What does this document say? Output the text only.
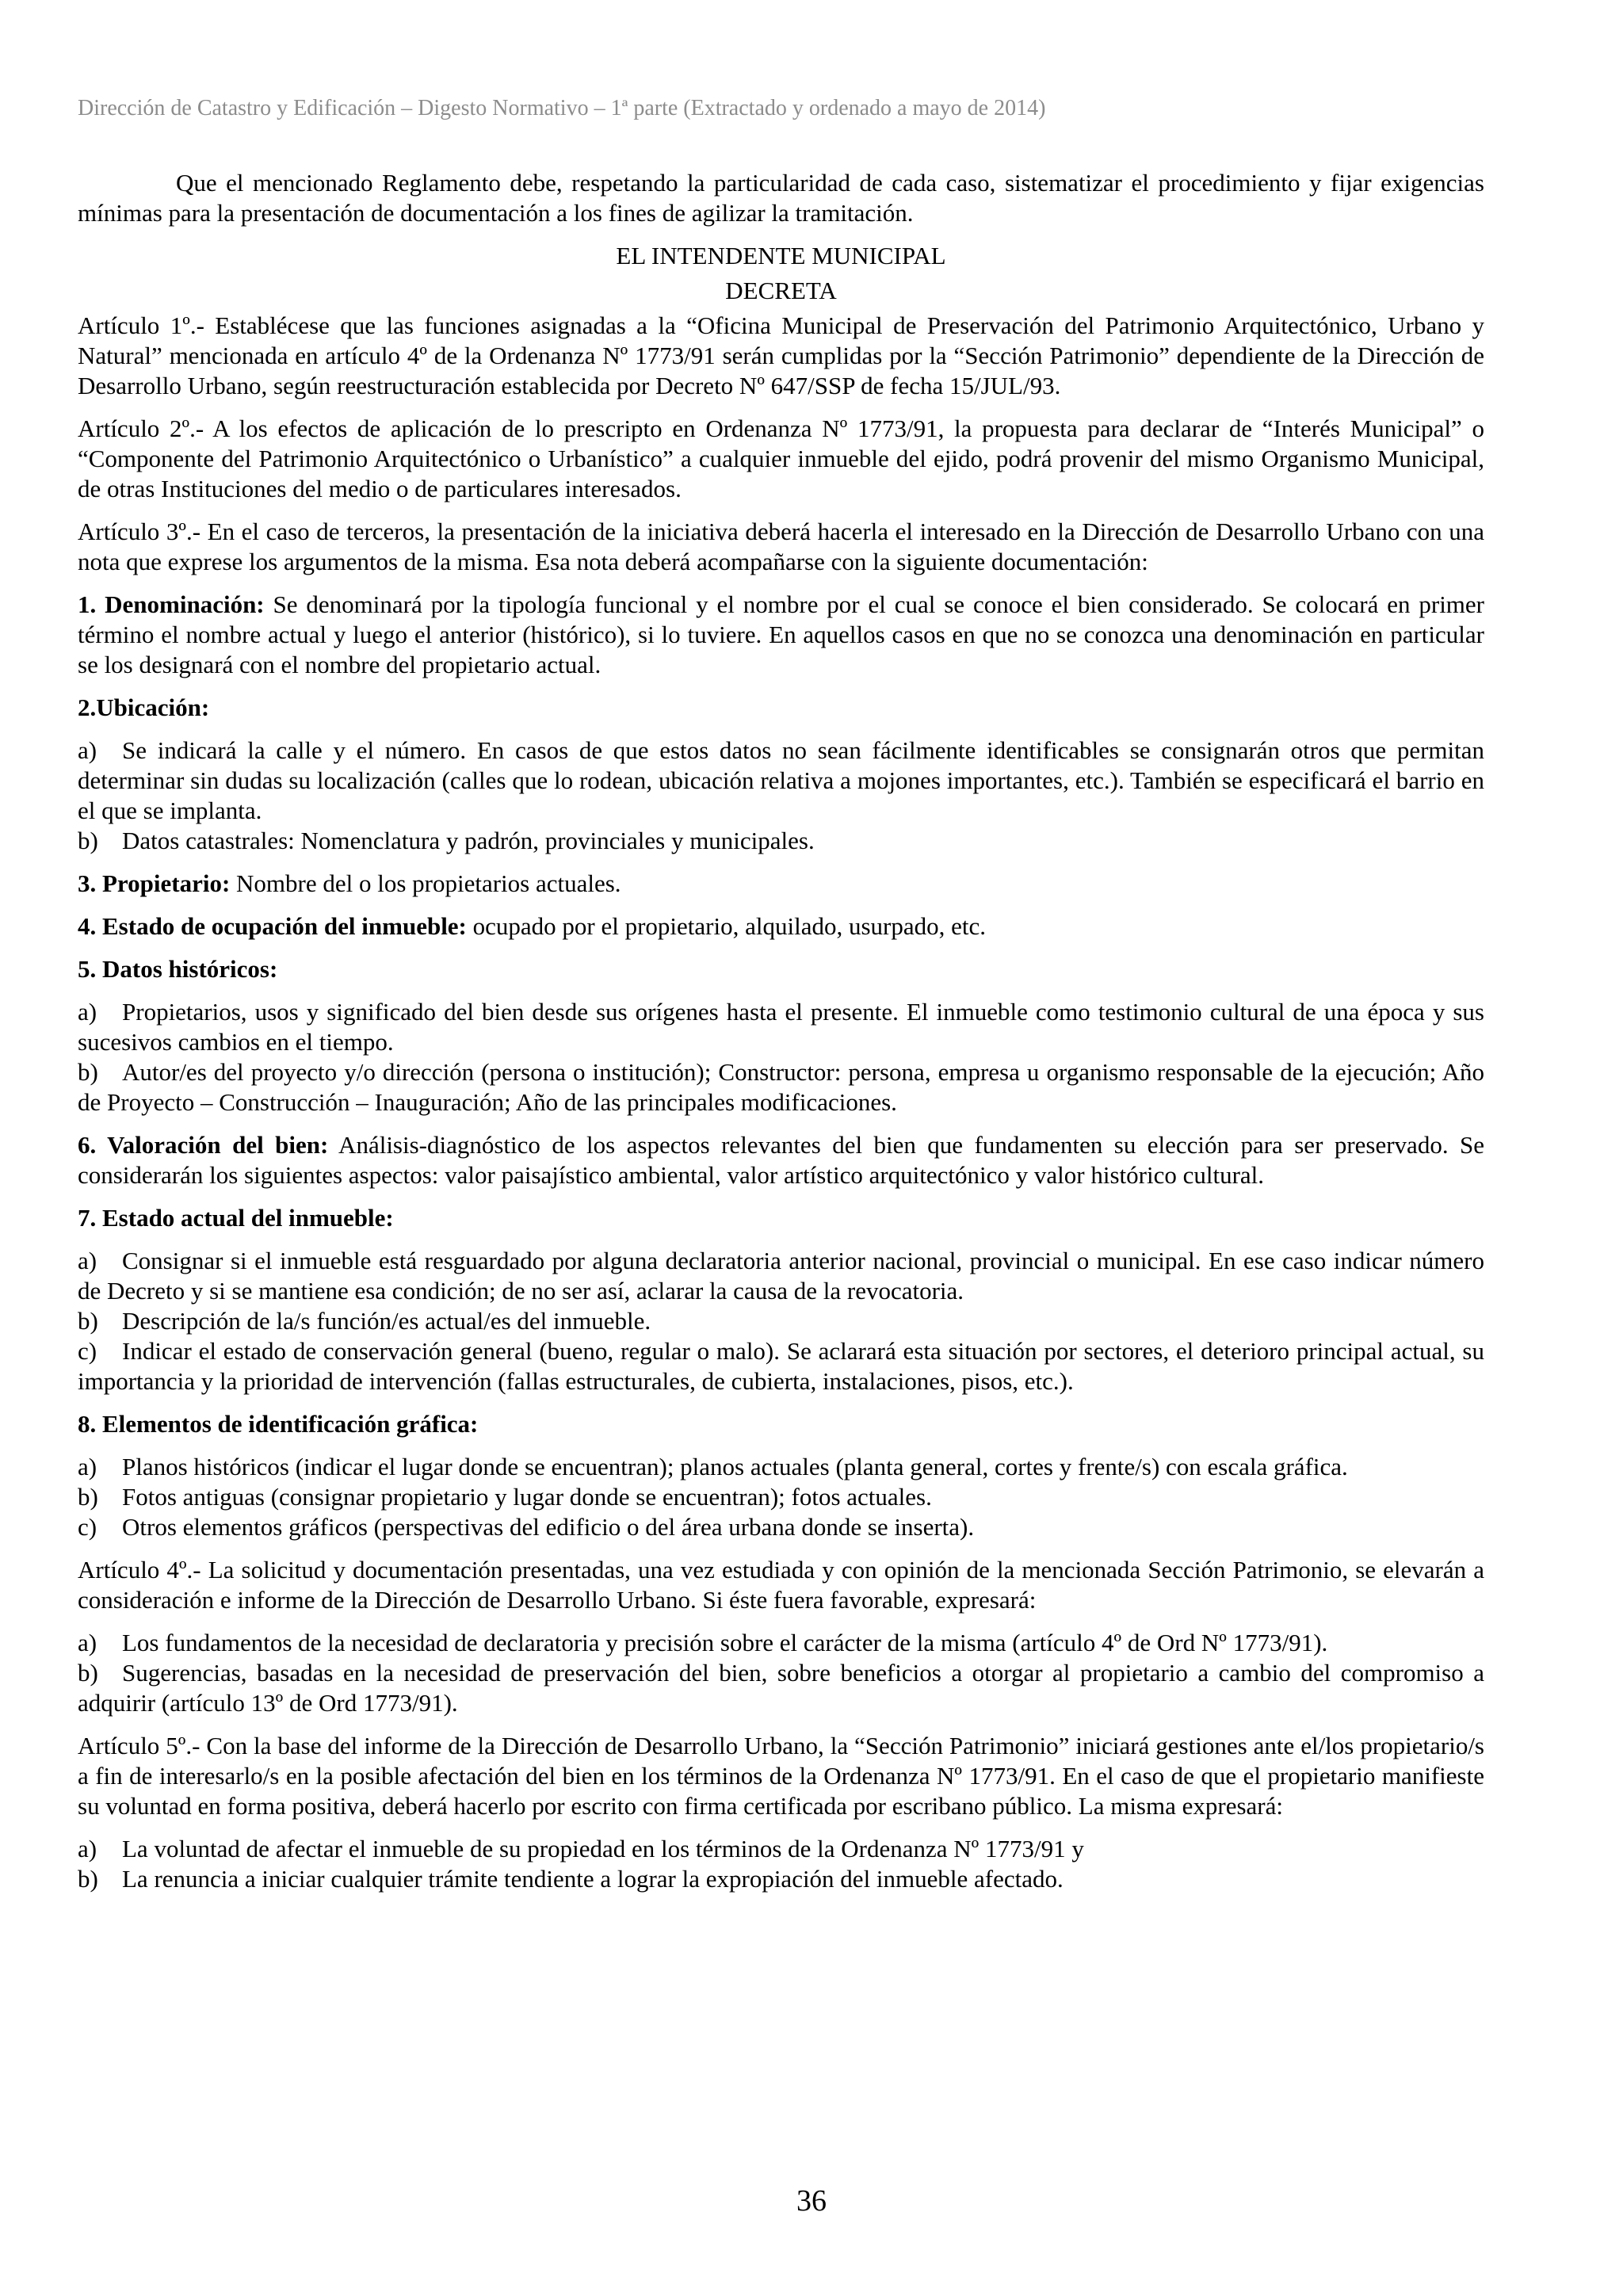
Dirección de Catastro y Edificación – Digesto Normativo – 1ª parte (Extractado y ordenado a mayo de 2014)

Que el mencionado Reglamento debe, respetando la particularidad de cada caso, sistematizar el procedimiento y fijar exigencias mínimas para la presentación de documentación a los fines de agilizar la tramitación.

EL INTENDENTE MUNICIPAL

DECRETA

Artículo 1º.- Establécese que las funciones asignadas a la “Oficina Municipal de Preservación del Patrimonio Arquitectónico, Urbano y Natural” mencionada en artículo 4º de la Ordenanza Nº 1773/91 serán cumplidas por la “Sección Patrimonio” dependiente de la Dirección de Desarrollo Urbano, según reestructuración establecida por Decreto Nº 647/SSP de fecha 15/JUL/93.

Artículo 2º.- A los efectos de aplicación de lo prescripto en Ordenanza Nº 1773/91, la propuesta para declarar de “Interés Municipal” o “Componente del Patrimonio Arquitectónico o Urbanístico” a cualquier inmueble del ejido, podrá provenir del mismo Organismo Municipal, de otras Instituciones del medio o de particulares interesados.

Artículo 3º.- En el caso de terceros, la presentación de la iniciativa deberá hacerla el interesado en la Dirección de Desarrollo Urbano con una nota que exprese los argumentos de la misma. Esa nota deberá acompañarse con la siguiente documentación:

1. Denominación: Se denominará por la tipología funcional y el nombre por el cual se conoce el bien considerado. Se colocará en primer término el nombre actual y luego el anterior (histórico), si lo tuviere. En aquellos casos en que no se conozca una denominación en particular se los designará con el nombre del propietario actual.

2.Ubicación:

a) Se indicará la calle y el número. En casos de que estos datos no sean fácilmente identificables se consignarán otros que permitan determinar sin dudas su localización (calles que lo rodean, ubicación relativa a mojones importantes, etc.). También se especificará el barrio en el que se implanta.
b) Datos catastrales: Nomenclatura y padrón, provinciales y municipales.

3. Propietario: Nombre del o los propietarios actuales.

4. Estado de ocupación del inmueble: ocupado por el propietario, alquilado, usurpado, etc.

5. Datos históricos:

a) Propietarios, usos y significado del bien desde sus orígenes hasta el presente. El inmueble como testimonio cultural de una época y sus sucesivos cambios en el tiempo.
b) Autor/es del proyecto y/o dirección (persona o institución); Constructor: persona, empresa u organismo responsable de la ejecución; Año de Proyecto – Construcción – Inauguración; Año de las principales modificaciones.

6. Valoración del bien: Análisis-diagnóstico de los aspectos relevantes del bien que fundamenten su elección para ser preservado. Se considerarán los siguientes aspectos: valor paisajístico ambiental, valor artístico arquitectónico y valor histórico cultural.

7. Estado actual del inmueble:

a) Consignar si el inmueble está resguardado por alguna declaratoria anterior nacional, provincial o municipal. En ese caso indicar número de Decreto y si se mantiene esa condición; de no ser así, aclarar la causa de la revocatoria.
b) Descripción de la/s función/es actual/es del inmueble.
c) Indicar el estado de conservación general (bueno, regular o malo). Se aclarará esta situación por sectores, el deterioro principal actual, su importancia y la prioridad de intervención (fallas estructurales, de cubierta, instalaciones, pisos, etc.).

8. Elementos de identificación gráfica:

a) Planos históricos (indicar el lugar donde se encuentran); planos actuales (planta general, cortes y frente/s) con escala gráfica.
b) Fotos antiguas (consignar propietario y lugar donde se encuentran); fotos actuales.
c) Otros elementos gráficos (perspectivas del edificio o del área urbana donde se inserta).

Artículo 4º.- La solicitud y documentación presentadas, una vez estudiada y con opinión de la mencionada Sección Patrimonio, se elevarán a consideración e informe de la Dirección de Desarrollo Urbano. Si éste fuera favorable, expresará:

a) Los fundamentos de la necesidad de declaratoria y precisión sobre el carácter de la misma (artículo 4º de Ord Nº 1773/91).
b) Sugerencias, basadas en la necesidad de preservación del bien, sobre beneficios a otorgar al propietario a cambio del compromiso a adquirir (artículo 13º de Ord 1773/91).

Artículo 5º.- Con la base del informe de la Dirección de Desarrollo Urbano, la “Sección Patrimonio” iniciará gestiones ante el/los propietario/s a fin de interesarlo/s en la posible afectación del bien en los términos de la Ordenanza Nº 1773/91. En el caso de que el propietario manifieste su voluntad en forma positiva, deberá hacerlo por escrito con firma certificada por escribano público. La misma expresará:

a) La voluntad de afectar el inmueble de su propiedad en los términos de la Ordenanza Nº 1773/91 y
b) La renuncia a iniciar cualquier trámite tendiente a lograr la expropiación del inmueble afectado.
36
